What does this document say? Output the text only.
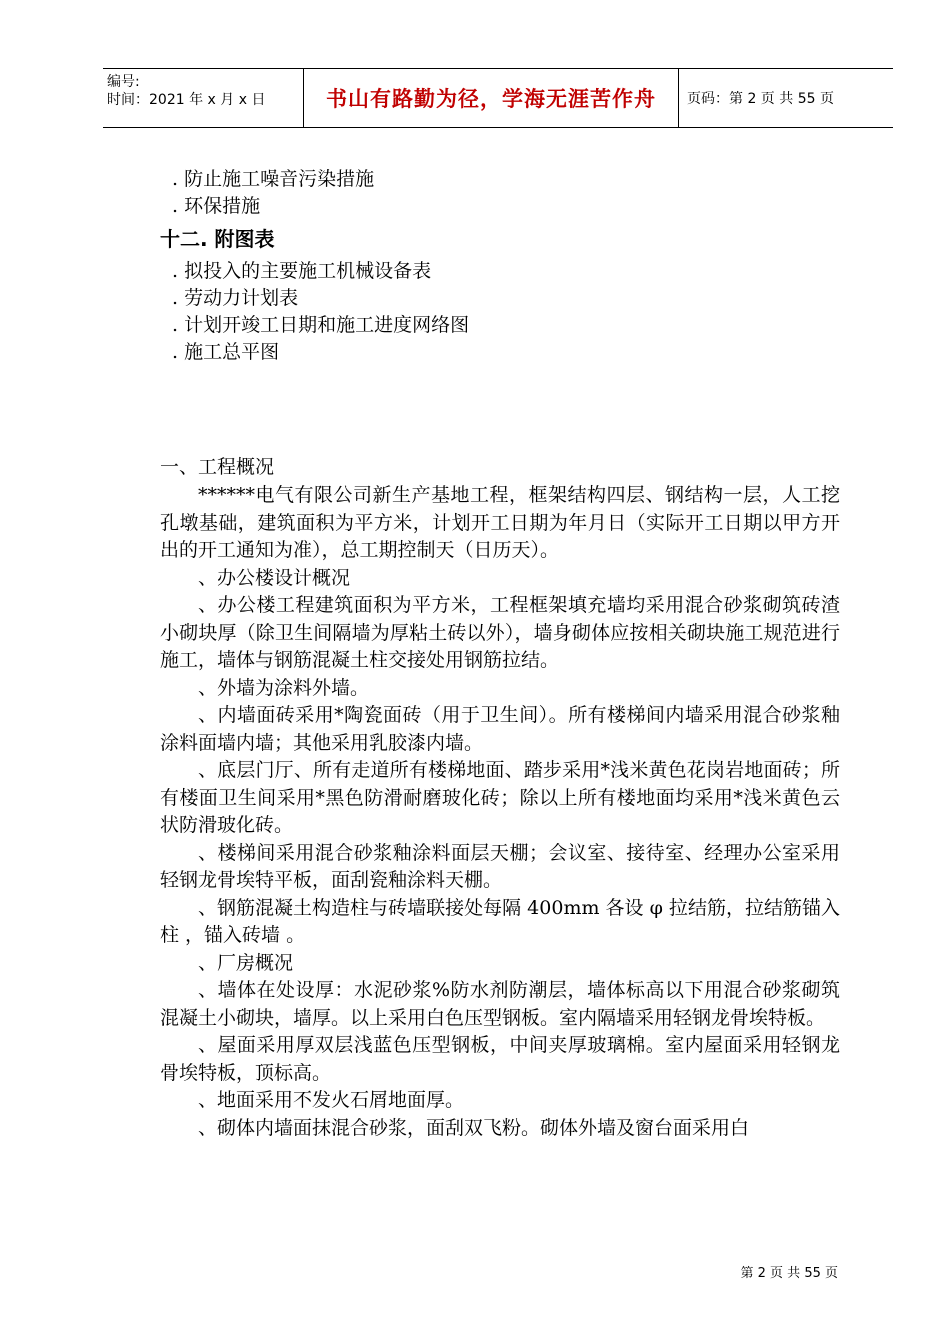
编号:
时间：2021 年 x 月 x 日	书山有路勤为径，学海无涯苦作舟	页码：第 2 页 共 55 页
. 防止施工噪音污染措施
. 环保措施
十二. 附图表
. 拟投入的主要施工机械设备表
. 劳动力计划表
. 计划开竣工日期和施工进度网络图
. 施工总平图
一、工程概况
******电气有限公司新生产基地工程，框架结构四层、钢结构一层，人工挖孔墩基础，建筑面积为平方米，计划开工日期为年月日（实际开工日期以甲方开出的开工通知为准），总工期控制天（日历天）。
、办公楼设计概况
、办公楼工程建筑面积为平方米，工程框架填充墙均采用混合砂浆砌筑砖渣小砌块厚（除卫生间隔墙为厚粘土砖以外），墙身砌体应按相关砌块施工规范进行施工，墙体与钢筋混凝土柱交接处用钢筋拉结。
、外墙为涂料外墙。
、内墙面砖采用*陶瓷面砖（用于卫生间）。所有楼梯间内墙采用混合砂浆釉涂料面墙内墙；其他采用乳胶漆内墙。
、底层门厅、所有走道所有楼梯地面、踏步采用*浅米黄色花岗岩地面砖；所有楼面卫生间采用*黑色防滑耐磨玻化砖；除以上所有楼地面均采用*浅米黄色云状防滑玻化砖。
、楼梯间采用混合砂浆釉涂料面层天棚；会议室、接待室、经理办公室采用轻钢龙骨埃特平板，面刮瓷釉涂料天棚。
、钢筋混凝土构造柱与砖墙联接处每隔 400mm 各设 φ 拉结筋，拉结筋锚入柱 ，锚入砖墙 。
、厂房概况
、墙体在处设厚：水泥砂浆%防水剂防潮层，墙体标高以下用混合砂浆砌筑混凝土小砌块，墙厚。以上采用白色压型钢板。室内隔墙采用轻钢龙骨埃特板。
、屋面采用厚双层浅蓝色压型钢板，中间夹厚玻璃棉。室内屋面采用轻钢龙骨埃特板，顶标高。
、地面采用不发火石屑地面厚。
、砌体内墙面抹混合砂浆，面刮双飞粉。砌体外墙及窗台面采用白
第 2 页 共 55 页
